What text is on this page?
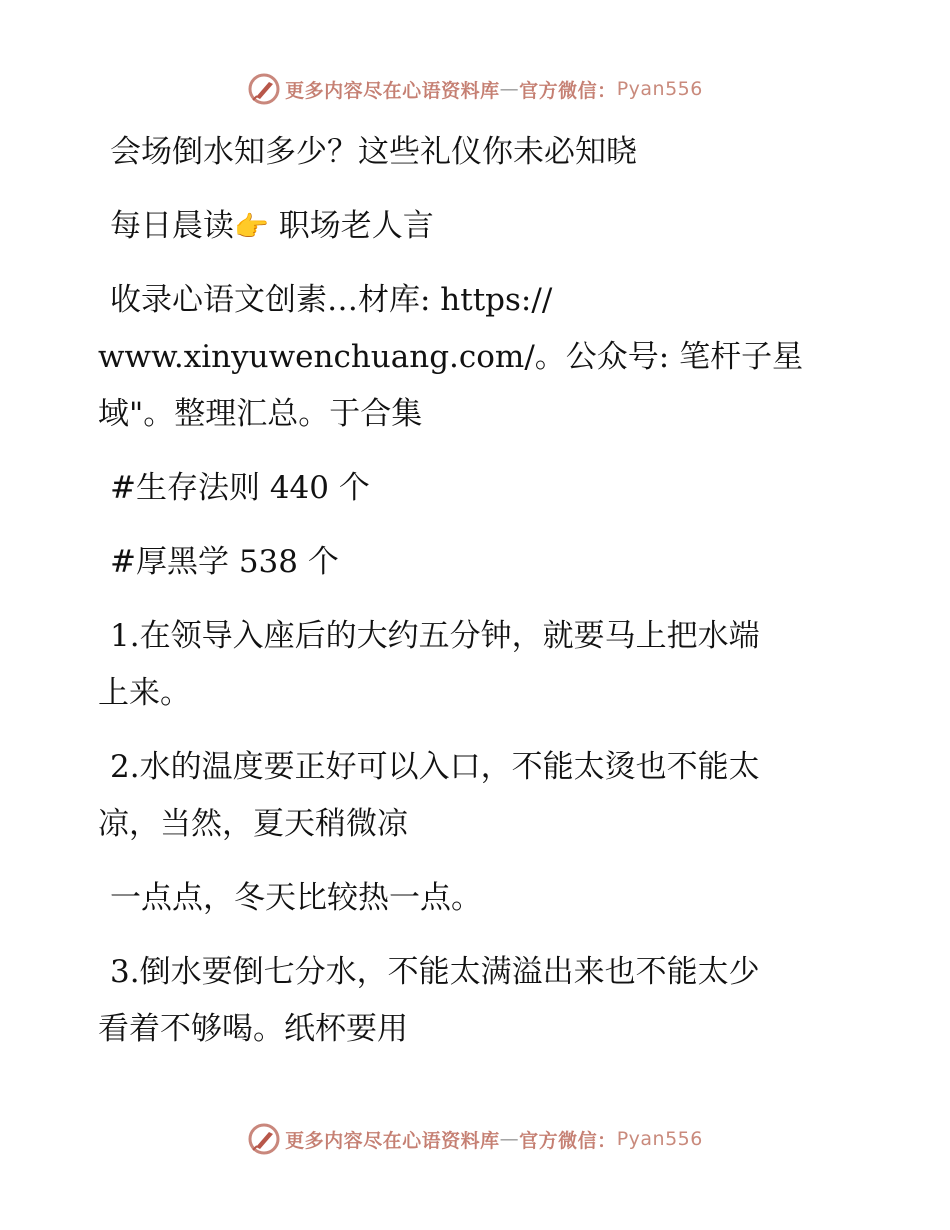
更多内容尽在心语资料库 — 官方微信： Pyan556

会场倒水知多少？这些礼仪你未必知晓

每日晨读👉 职场老人言

收录心语文创素…材库: https://

www.xinyuwenchuang.com/。公众号: 笔杆子星

域"。整理汇总。于合集

#生存法则 440 个

#厚黑学 538 个

1.在领导入座后的大约五分钟，就要马上把水端

上来。

2.水的温度要正好可以入口，不能太烫也不能太

凉，当然，夏天稍微凉

一点点，冬天比较热一点。

3.倒水要倒七分水，不能太满溢出来也不能太少

看着不够喝。纸杯要用

更多内容尽在心语资料库 — 官方微信： Pyan556
